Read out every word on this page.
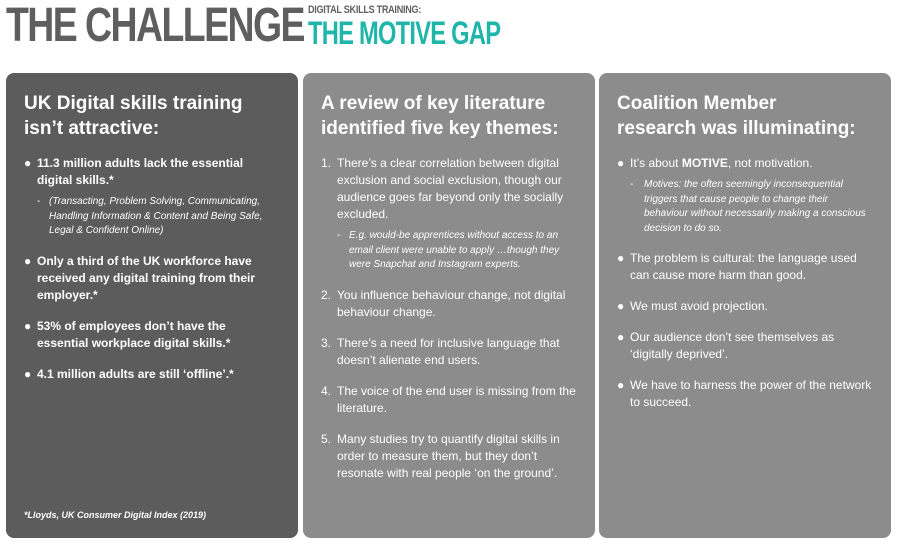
THE CHALLENGE DIGITAL SKILLS TRAINING:
THE MOTIVE GAP
UK Digital skills training
isn’t attractive:
● 11.3 million adults lack the essential digital skills.*
- (Transacting, Problem Solving, Communicating, Handling Information & Content and Being Safe, Legal & Confident Online)
● Only a third of the UK workforce have received any digital training from their employer.*
● 53% of employees don’t have the essential workplace digital skills.*
● 4.1 million adults are still ‘offline’.*
*Lloyds, UK Consumer Digital Index (2019)
A review of key literature
identified five key themes:
1. There’s a clear correlation between digital exclusion and social exclusion, though our audience goes far beyond only the socially excluded.
- E.g. would-be apprentices without access to an email client were unable to apply …though they were Snapchat and Instagram experts.
2. You influence behaviour change, not digital behaviour change.
3. There’s a need for inclusive language that doesn’t alienate end users.
4. The voice of the end user is missing from the literature.
5. Many studies try to quantify digital skills in order to measure them, but they don’t resonate with real people ‘on the ground’.
Coalition Member
research was illuminating:
● It’s about MOTIVE, not motivation.
- Motives: the often seemingly inconsequential triggers that cause people to change their behaviour without necessarily making a conscious decision to do so.
● The problem is cultural: the language used can cause more harm than good.
● We must avoid projection.
● Our audience don’t see themselves as ‘digitally deprived’.
● We have to harness the power of the network to succeed.
